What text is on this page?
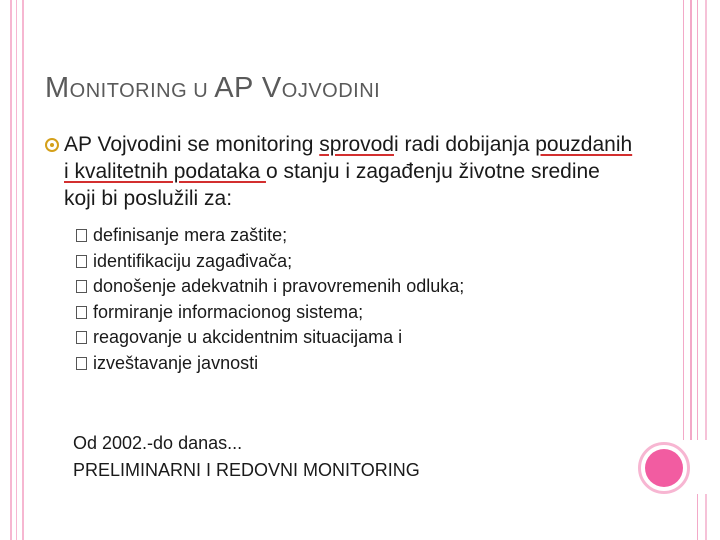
MONITORING U AP VOJVODINI
AP Vojvodini se monitoring sprovodi radi dobijanja pouzdanih i kvalitetnih podataka o stanju i zagađenju životne sredine koji bi poslužili za:
definisanje mera zaštite;
identifikaciju zagađivača;
donošenje adekvatnih i pravovremenih odluka;
formiranje informacionog sistema;
reagovanje u akcidentnim situacijama i
izveštavanje javnosti
Od 2002.-do danas...
PRELIMINARNI I REDOVNI MONITORING
